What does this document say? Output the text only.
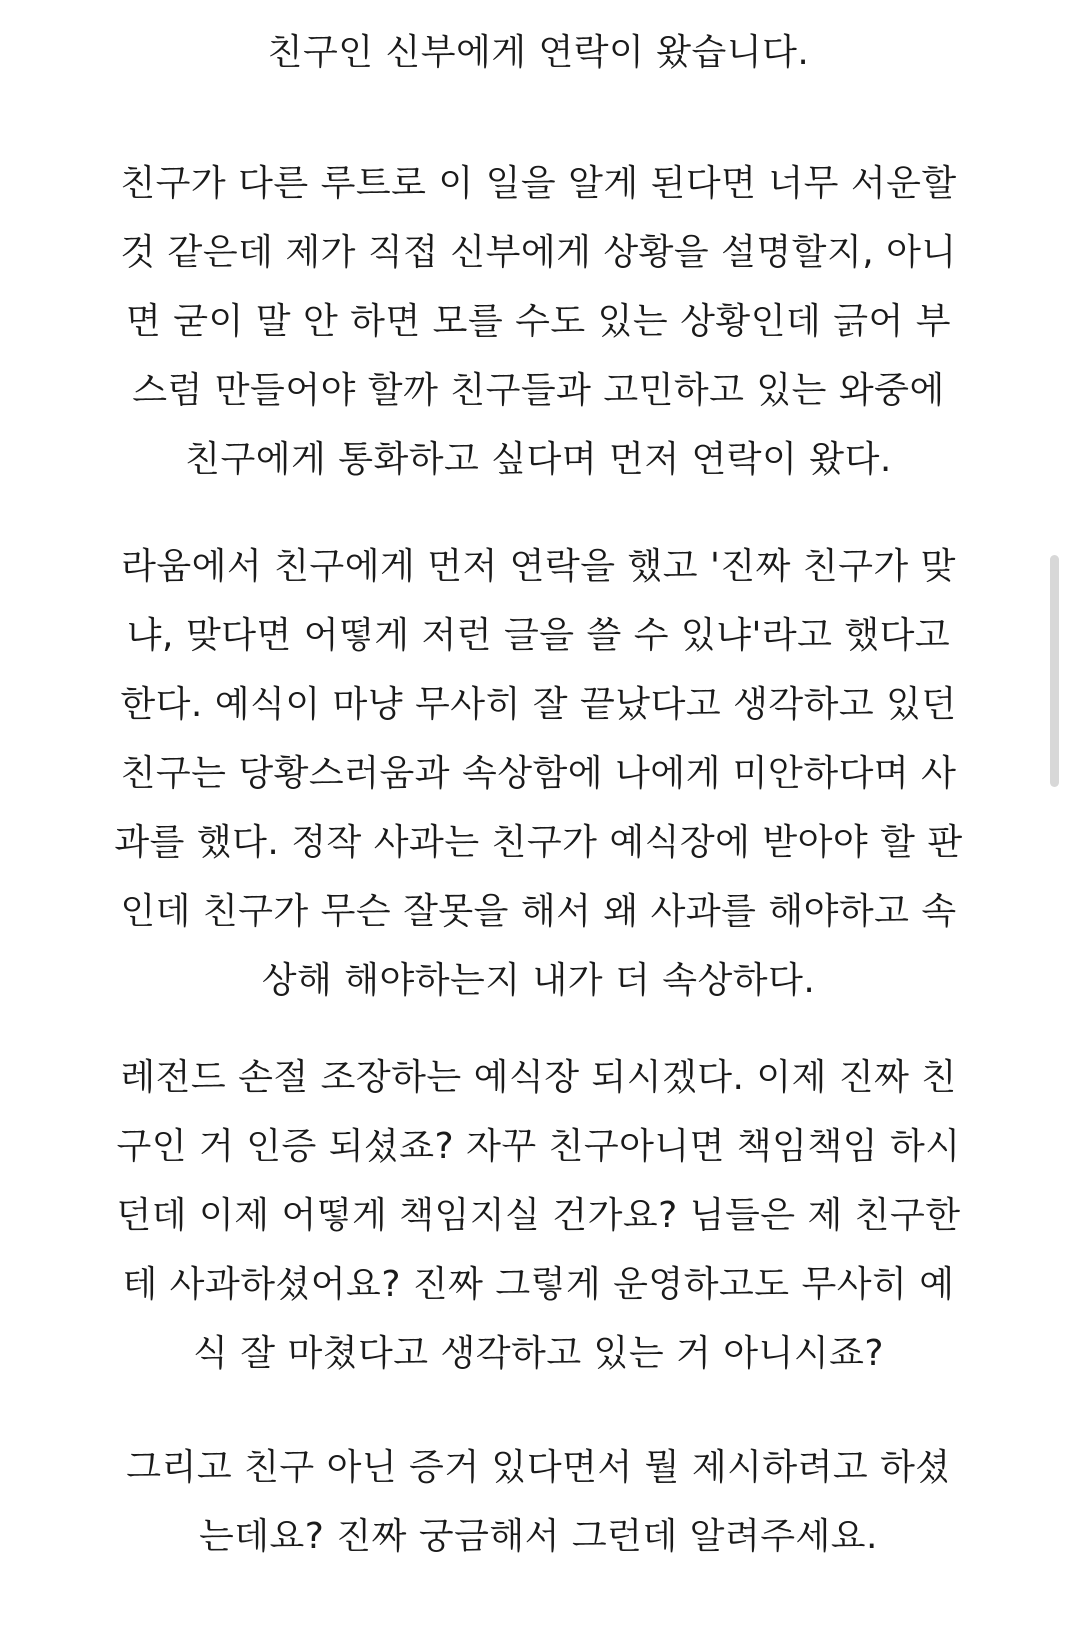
친구인 신부에게 연락이 왔습니다.
친구가 다른 루트로 이 일을 알게 된다면 너무 서운할
것 같은데 제가 직접 신부에게 상황을 설명할지, 아니
면 굳이 말 안 하면 모를 수도 있는 상황인데 긁어 부
스럼 만들어야 할까 친구들과 고민하고 있는 와중에
친구에게 통화하고 싶다며 먼저 연락이 왔다.
라움에서 친구에게 먼저 연락을 했고 '진짜 친구가 맞
냐, 맞다면 어떻게 저런 글을 쓸 수 있냐'라고 했다고
한다. 예식이 마냥 무사히 잘 끝났다고 생각하고 있던
친구는 당황스러움과 속상함에 나에게 미안하다며 사
과를 했다. 정작 사과는 친구가 예식장에 받아야 할 판
인데 친구가 무슨 잘못을 해서 왜 사과를 해야하고 속
상해 해야하는지 내가 더 속상하다.
레전드 손절 조장하는 예식장 되시겠다. 이제 진짜 친
구인 거 인증 되셨죠? 자꾸 친구아니면 책임책임 하시
던데 이제 어떻게 책임지실 건가요? 님들은 제 친구한
테 사과하셨어요? 진짜 그렇게 운영하고도 무사히 예
식 잘 마쳤다고 생각하고 있는 거 아니시죠?
그리고 친구 아닌 증거 있다면서 뭘 제시하려고 하셨
는데요? 진짜 궁금해서 그런데 알려주세요.
